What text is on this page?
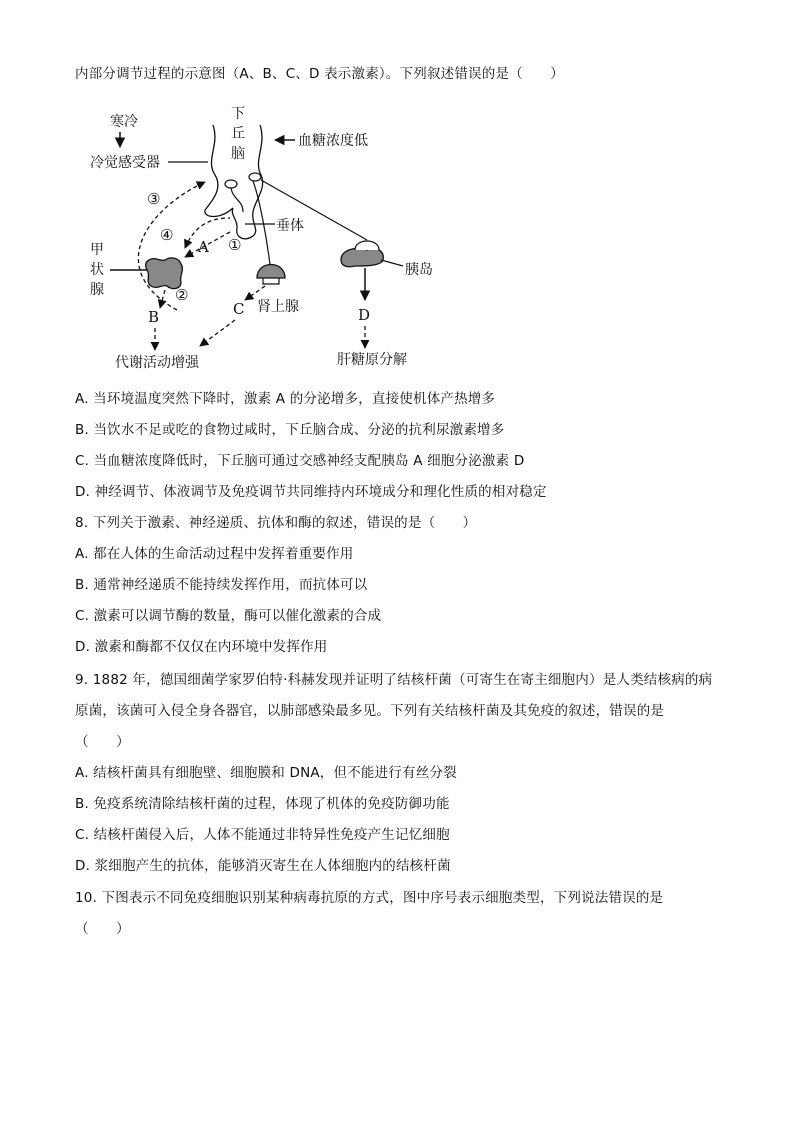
内部分调节过程的示意图（A、B、C、D 表示激素）。下列叙述错误的是（　　）
寒冷
冷觉感受器
下
丘
脑
血糖浓度低
垂体
③
④
A ①
甲
状
腺	②
B	C 肾上腺
胰岛
D
代谢活动增强	肝糖原分解
A. 当环境温度突然下降时，激素 A 的分泌增多，直接使机体产热增多
B. 当饮水不足或吃的食物过咸时，下丘脑合成、分泌的抗利尿激素增多
C. 当血糖浓度降低时，下丘脑可通过交感神经支配胰岛 A 细胞分泌激素 D
D. 神经调节、体液调节及免疫调节共同维持内环境成分和理化性质的相对稳定
8. 下列关于激素、神经递质、抗体和酶的叙述，错误的是（　　）
A. 都在人体的生命活动过程中发挥着重要作用
B. 通常神经递质不能持续发挥作用，而抗体可以
C. 激素可以调节酶的数量，酶可以催化激素的合成
D. 激素和酶都不仅仅在内环境中发挥作用
9. 1882 年，德国细菌学家罗伯特·科赫发现并证明了结核杆菌（可寄生在寄主细胞内）是人类结核病的病
原菌，该菌可入侵全身各器官，以肺部感染最多见。下列有关结核杆菌及其免疫的叙述，错误的是
（　　）
A. 结核杆菌具有细胞壁、细胞膜和 DNA，但不能进行有丝分裂
B. 免疫系统清除结核杆菌的过程，体现了机体的免疫防御功能
C. 结核杆菌侵入后，人体不能通过非特异性免疫产生记忆细胞
D. 浆细胞产生的抗体，能够消灭寄生在人体细胞内的结核杆菌
10. 下图表示不同免疫细胞识别某种病毒抗原的方式，图中序号表示细胞类型，下列说法错误的是
（　　）
